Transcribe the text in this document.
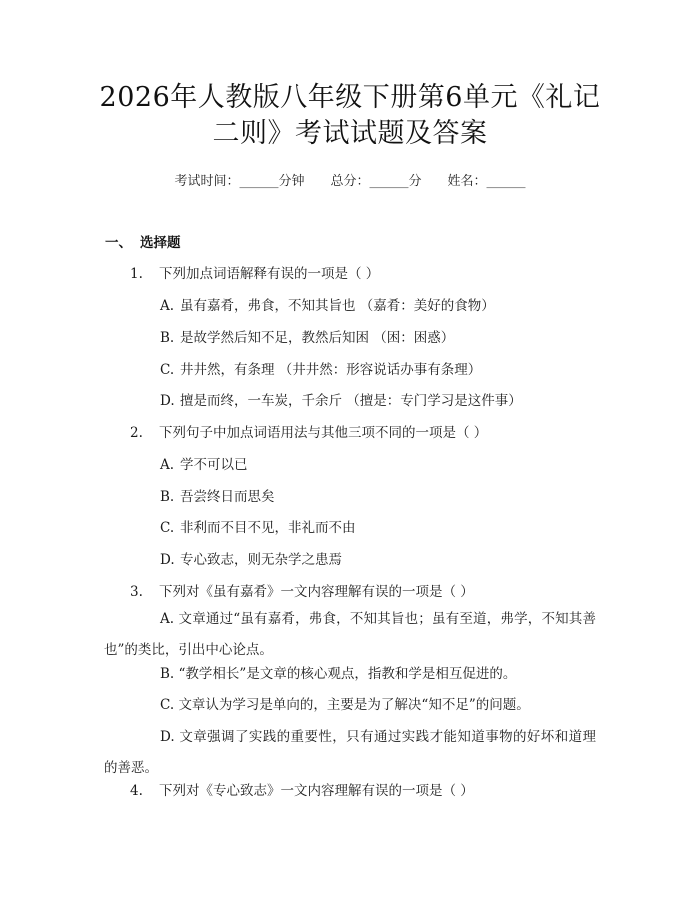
2026年人教版八年级下册第6单元《礼记二则》考试试题及答案
考试时间：______分钟 总分：______分 姓名：______
一、 选择题
1. 下列加点词语解释有误的一项是（ ）
A. 虽有嘉肴，弗食，不知其旨也 （嘉肴：美好的食物）
B. 是故学然后知不足，教然后知困 （困：困惑）
C. 井井然，有条理 （井井然：形容说话办事有条理）
D. 擅是而终，一车炭，千余斤 （擅是：专门学习是这件事）
2. 下列句子中加点词语用法与其他三项不同的一项是（ ）
A. 学不可以已
B. 吾尝终日而思矣
C. 非利而不目不见，非礼而不由
D. 专心致志，则无杂学之患焉
3. 下列对《虽有嘉肴》一文内容理解有误的一项是（ ）
A. 文章通过“虽有嘉肴，弗食，不知其旨也；虽有至道，弗学，不知其善也”的类比，引出中心论点。
B. “教学相长”是文章的核心观点，指教和学是相互促进的。
C. 文章认为学习是单向的，主要是为了解决“知不足”的问题。
D. 文章强调了实践的重要性，只有通过实践才能知道事物的好坏和道理的善恶。
4. 下列对《专心致志》一文内容理解有误的一项是（ ）
